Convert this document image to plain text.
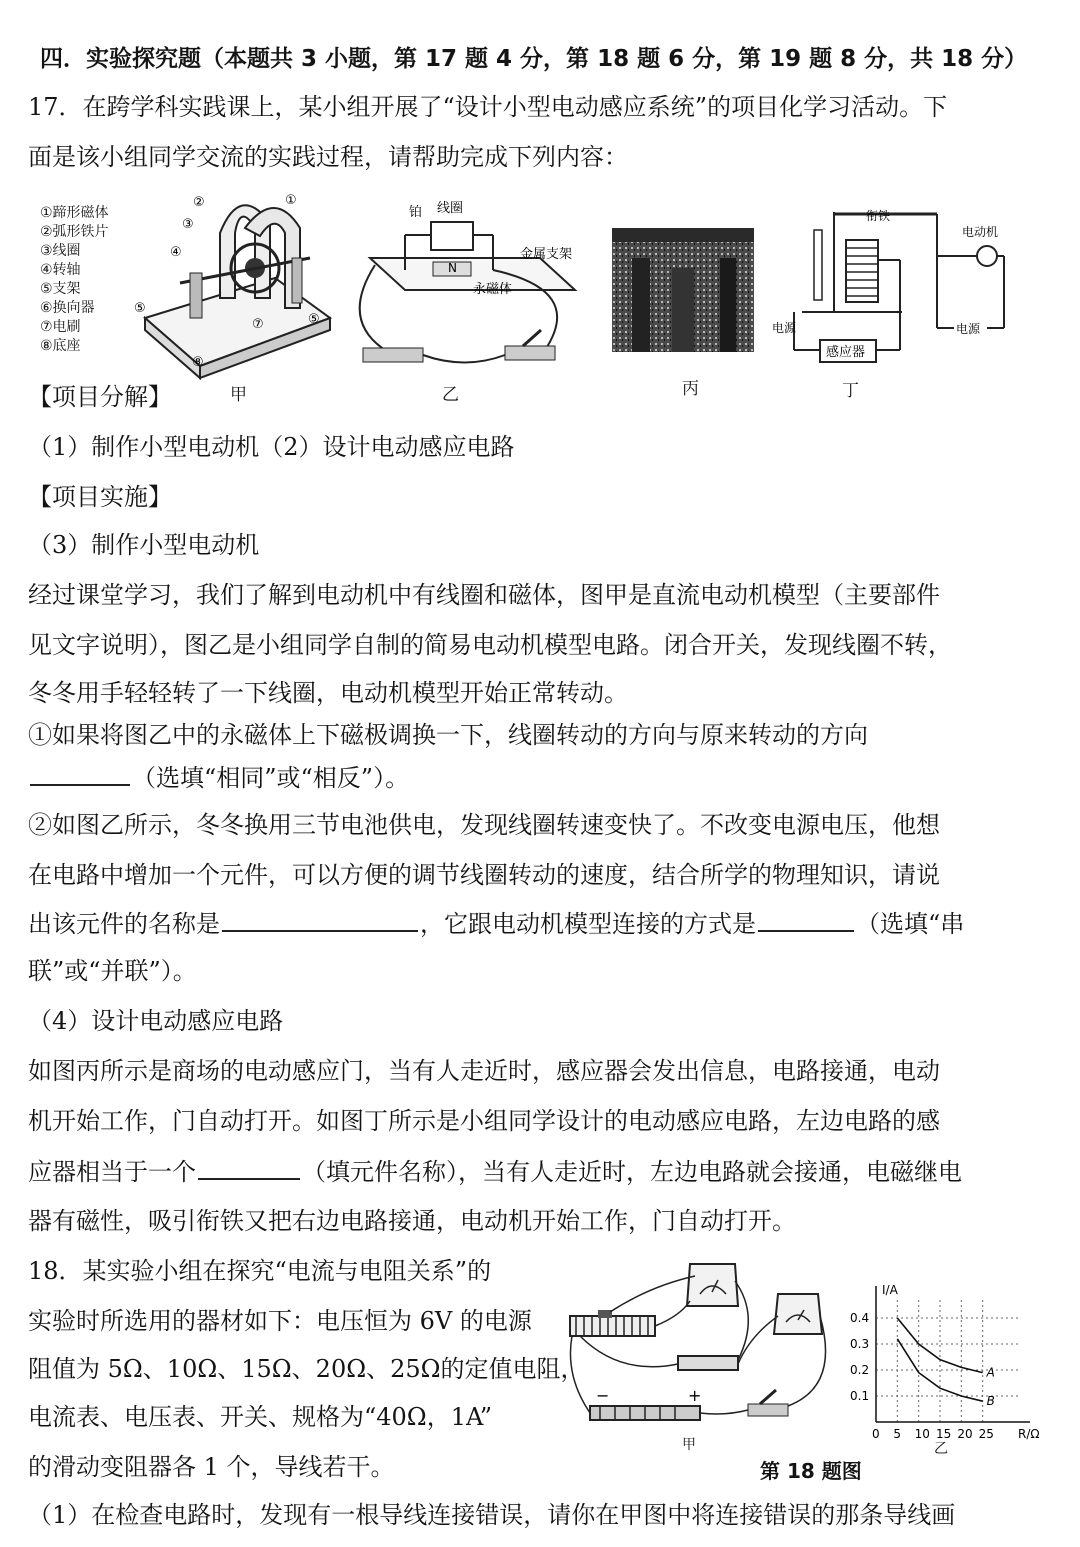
四．实验探究题（本题共 3 小题，第 17 题 4 分，第 18 题 6 分，第 19 题 8 分，共 18 分）
17．在跨学科实践课上，某小组开展了“设计小型电动感应系统”的项目化学习活动。下
面是该小组同学交流的实践过程，请帮助完成下列内容：
①蹄形磁体
②弧形铁片
③线圈
④转轴
⑤支架
⑥换向器
⑦电刷
⑧底座
①
②
③
④
⑤
⑤
⑦
⑧
甲
铂 线圈
金属支架
N
永磁体
乙	丙
衔铁
电动机
电源	电源
感应器
丁
【项目分解】
（1）制作小型电动机（2）设计电动感应电路
【项目实施】
（3）制作小型电动机
经过课堂学习，我们了解到电动机中有线圈和磁体，图甲是直流电动机模型（主要部件
见文字说明），图乙是小组同学自制的简易电动机模型电路。闭合开关，发现线圈不转，
冬冬用手轻轻转了一下线圈，电动机模型开始正常转动。
①如果将图乙中的永磁体上下磁极调换一下，线圈转动的方向与原来转动的方向
（选填“相同”或“相反”）。
②如图乙所示，冬冬换用三节电池供电，发现线圈转速变快了。不改变电源电压，他想
在电路中增加一个元件，可以方便的调节线圈转动的速度，结合所学的物理知识，请说
出该元件的名称是	，它跟电动机模型连接的方式是	（选填“串
联”或“并联”）。
（4）设计电动感应电路
如图丙所示是商场的电动感应门，当有人走近时，感应器会发出信息，电路接通，电动
机开始工作，门自动打开。如图丁所示是小组同学设计的电动感应电路，左边电路的感
应器相当于一个	（填元件名称），当有人走近时，左边电路就会接通，电磁继电
器有磁性，吸引衔铁又把右边电路接通，电动机开始工作，门自动打开。
18．某实验小组在探究“电流与电阻关系”的
实验时所选用的器材如下：电压恒为 6V 的电源
阻值为 5Ω、10Ω、15Ω、20Ω、25Ω的定值电阻，
电流表、电压表、开关、规格为“40Ω，1A”
的滑动变阻器各 1 个，导线若干。
−	+
甲
第 18 题图
0 5 10 15 20 25
0.1
0.2
0.3
0.4
I/A
R/Ω
A
B
乙
（1）在检查电路时，发现有一根导线连接错误，请你在甲图中将连接错误的那条导线画
